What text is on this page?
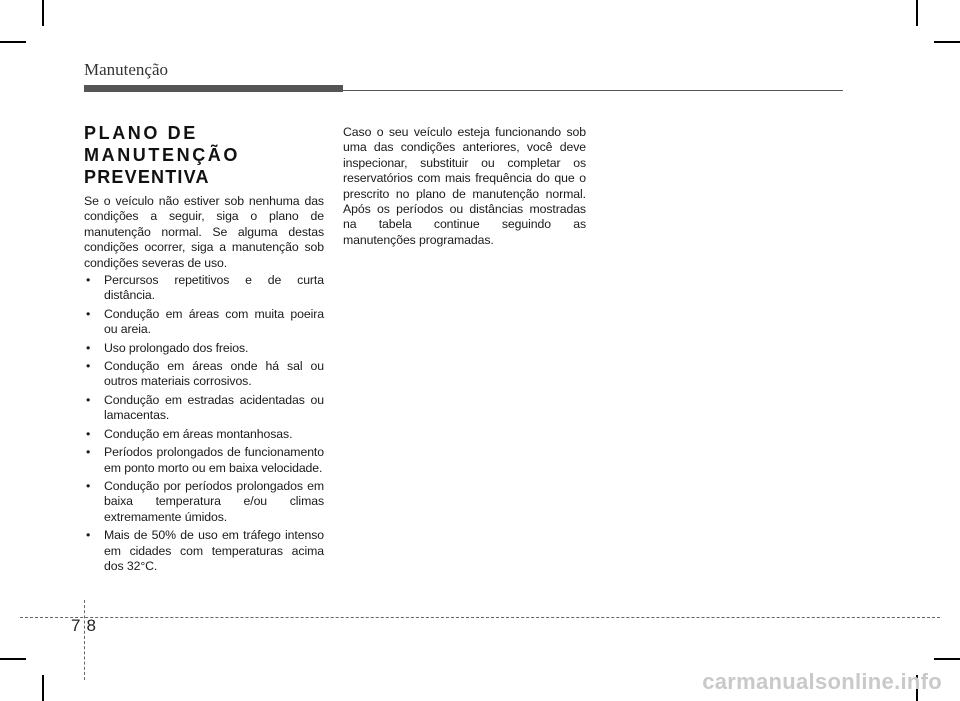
Manutenção
PLANO DE MANUTENÇÃO
PREVENTIVA

Se o veículo não estiver sob nenhuma das condições a seguir, siga o plano de manutenção normal. Se alguma destas condições ocorrer, siga a manutenção sob condições severas de uso.

• Percursos repetitivos e de curta distância.
• Condução em áreas com muita poeira ou areia.
• Uso prolongado dos freios.
• Condução em áreas onde há sal ou outros materiais corrosivos.
• Condução em estradas acidentadas ou lamacentas.
• Condução em áreas montanhosas.
• Períodos prolongados de funcionamento em ponto morto ou em baixa velocidade.
• Condução por períodos prolongados em baixa temperatura e/ou climas extremamente úmidos.
• Mais de 50% de uso em tráfego intenso em cidades com temperaturas acima dos 32°C.

Caso o seu veículo esteja funcionando sob uma das condições anteriores, você deve inspecionar, substituir ou completar os reservatórios com mais frequência do que o prescrito no plano de manutenção normal. Após os períodos ou distâncias mostradas na tabela continue seguindo as manutenções programadas.

78
carmanualsonline.info
